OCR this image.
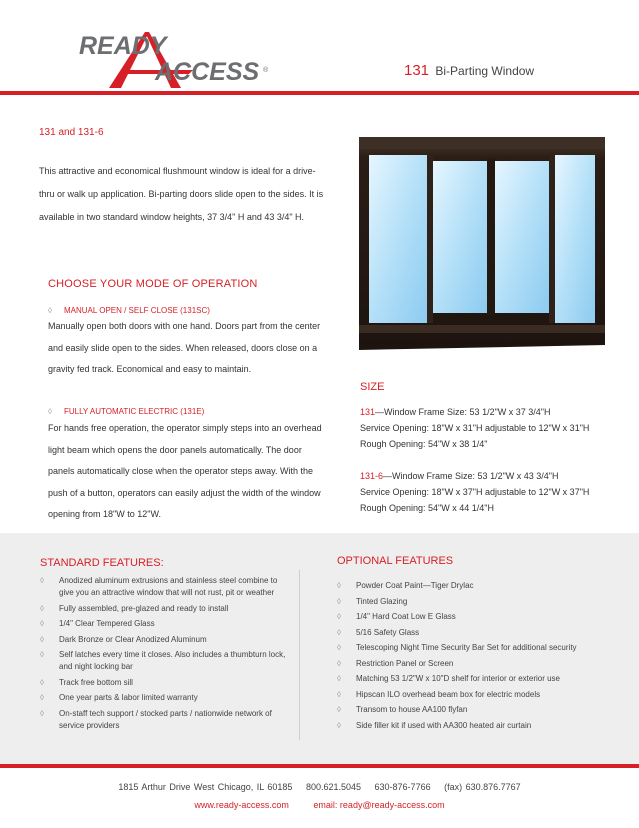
READY
ACCESS ®	131 Bi-Parting Window
131 and 131-6
This attractive and economical flushmount window is ideal for a drive-thru or walk up application. Bi-parting doors slide open to the sides. It is available in two standard window heights, 37 3/4" H and 43 3/4" H.
CHOOSE YOUR MODE OF OPERATION
◊ MANUAL OPEN / SELF CLOSE (131SC)
Manually open both doors with one hand. Doors part from the center and easily slide open to the sides. When released, doors close on a gravity fed track. Economical and easy to maintain.
◊ FULLY AUTOMATIC ELECTRIC (131E)
For hands free operation, the operator simply steps into an overhead light beam which opens the door panels automatically. The door panels automatically close when the operator steps away. With the push of a button, operators can easily adjust the width of the window opening from 18"W to 12"W.
SIZE
131—Window Frame Size: 53 1/2"W x 37 3/4"H
Service Opening: 18"W x 31"H adjustable to 12"W x 31"H
Rough Opening: 54"W x 38 1/4"
131-6—Window Frame Size: 53 1/2"W x 43 3/4"H
Service Opening: 18"W x 37"H adjustable to 12"W x 37"H
Rough Opening: 54"W x 44 1/4"H
STANDARD FEATURES:
◊ Anodized aluminum extrusions and stainless steel combine to give you an attractive window that will not rust, pit or weather
◊ Fully assembled, pre-glazed and ready to install
◊ 1/4" Clear Tempered Glass
◊ Dark Bronze or Clear Anodized Aluminum
◊ Self latches every time it closes. Also includes a thumbturn lock, and night locking bar
◊ Track free bottom sill
◊ One year parts & labor limited warranty
◊ On-staff tech support / stocked parts / nationwide network of service providers
OPTIONAL FEATURES
◊ Powder Coat Paint—Tiger Drylac
◊ Tinted Glazing
◊ 1/4" Hard Coat Low E Glass
◊ 5/16 Safety Glass
◊ Telescoping Night Time Security Bar Set for additional security
◊ Restriction Panel or Screen
◊ Matching 53 1/2"W x 10"D shelf for interior or exterior use
◊ Hipscan ILO overhead beam box for electric models
◊ Transom to house AA100 flyfan
◊ Side filler kit if used with AA300 heated air curtain
1815 Arthur Drive West Chicago, IL 60185 800.621.5045 630-876-7766 (fax) 630.876.7767
www.ready-access.com	email: ready@ready-access.com
